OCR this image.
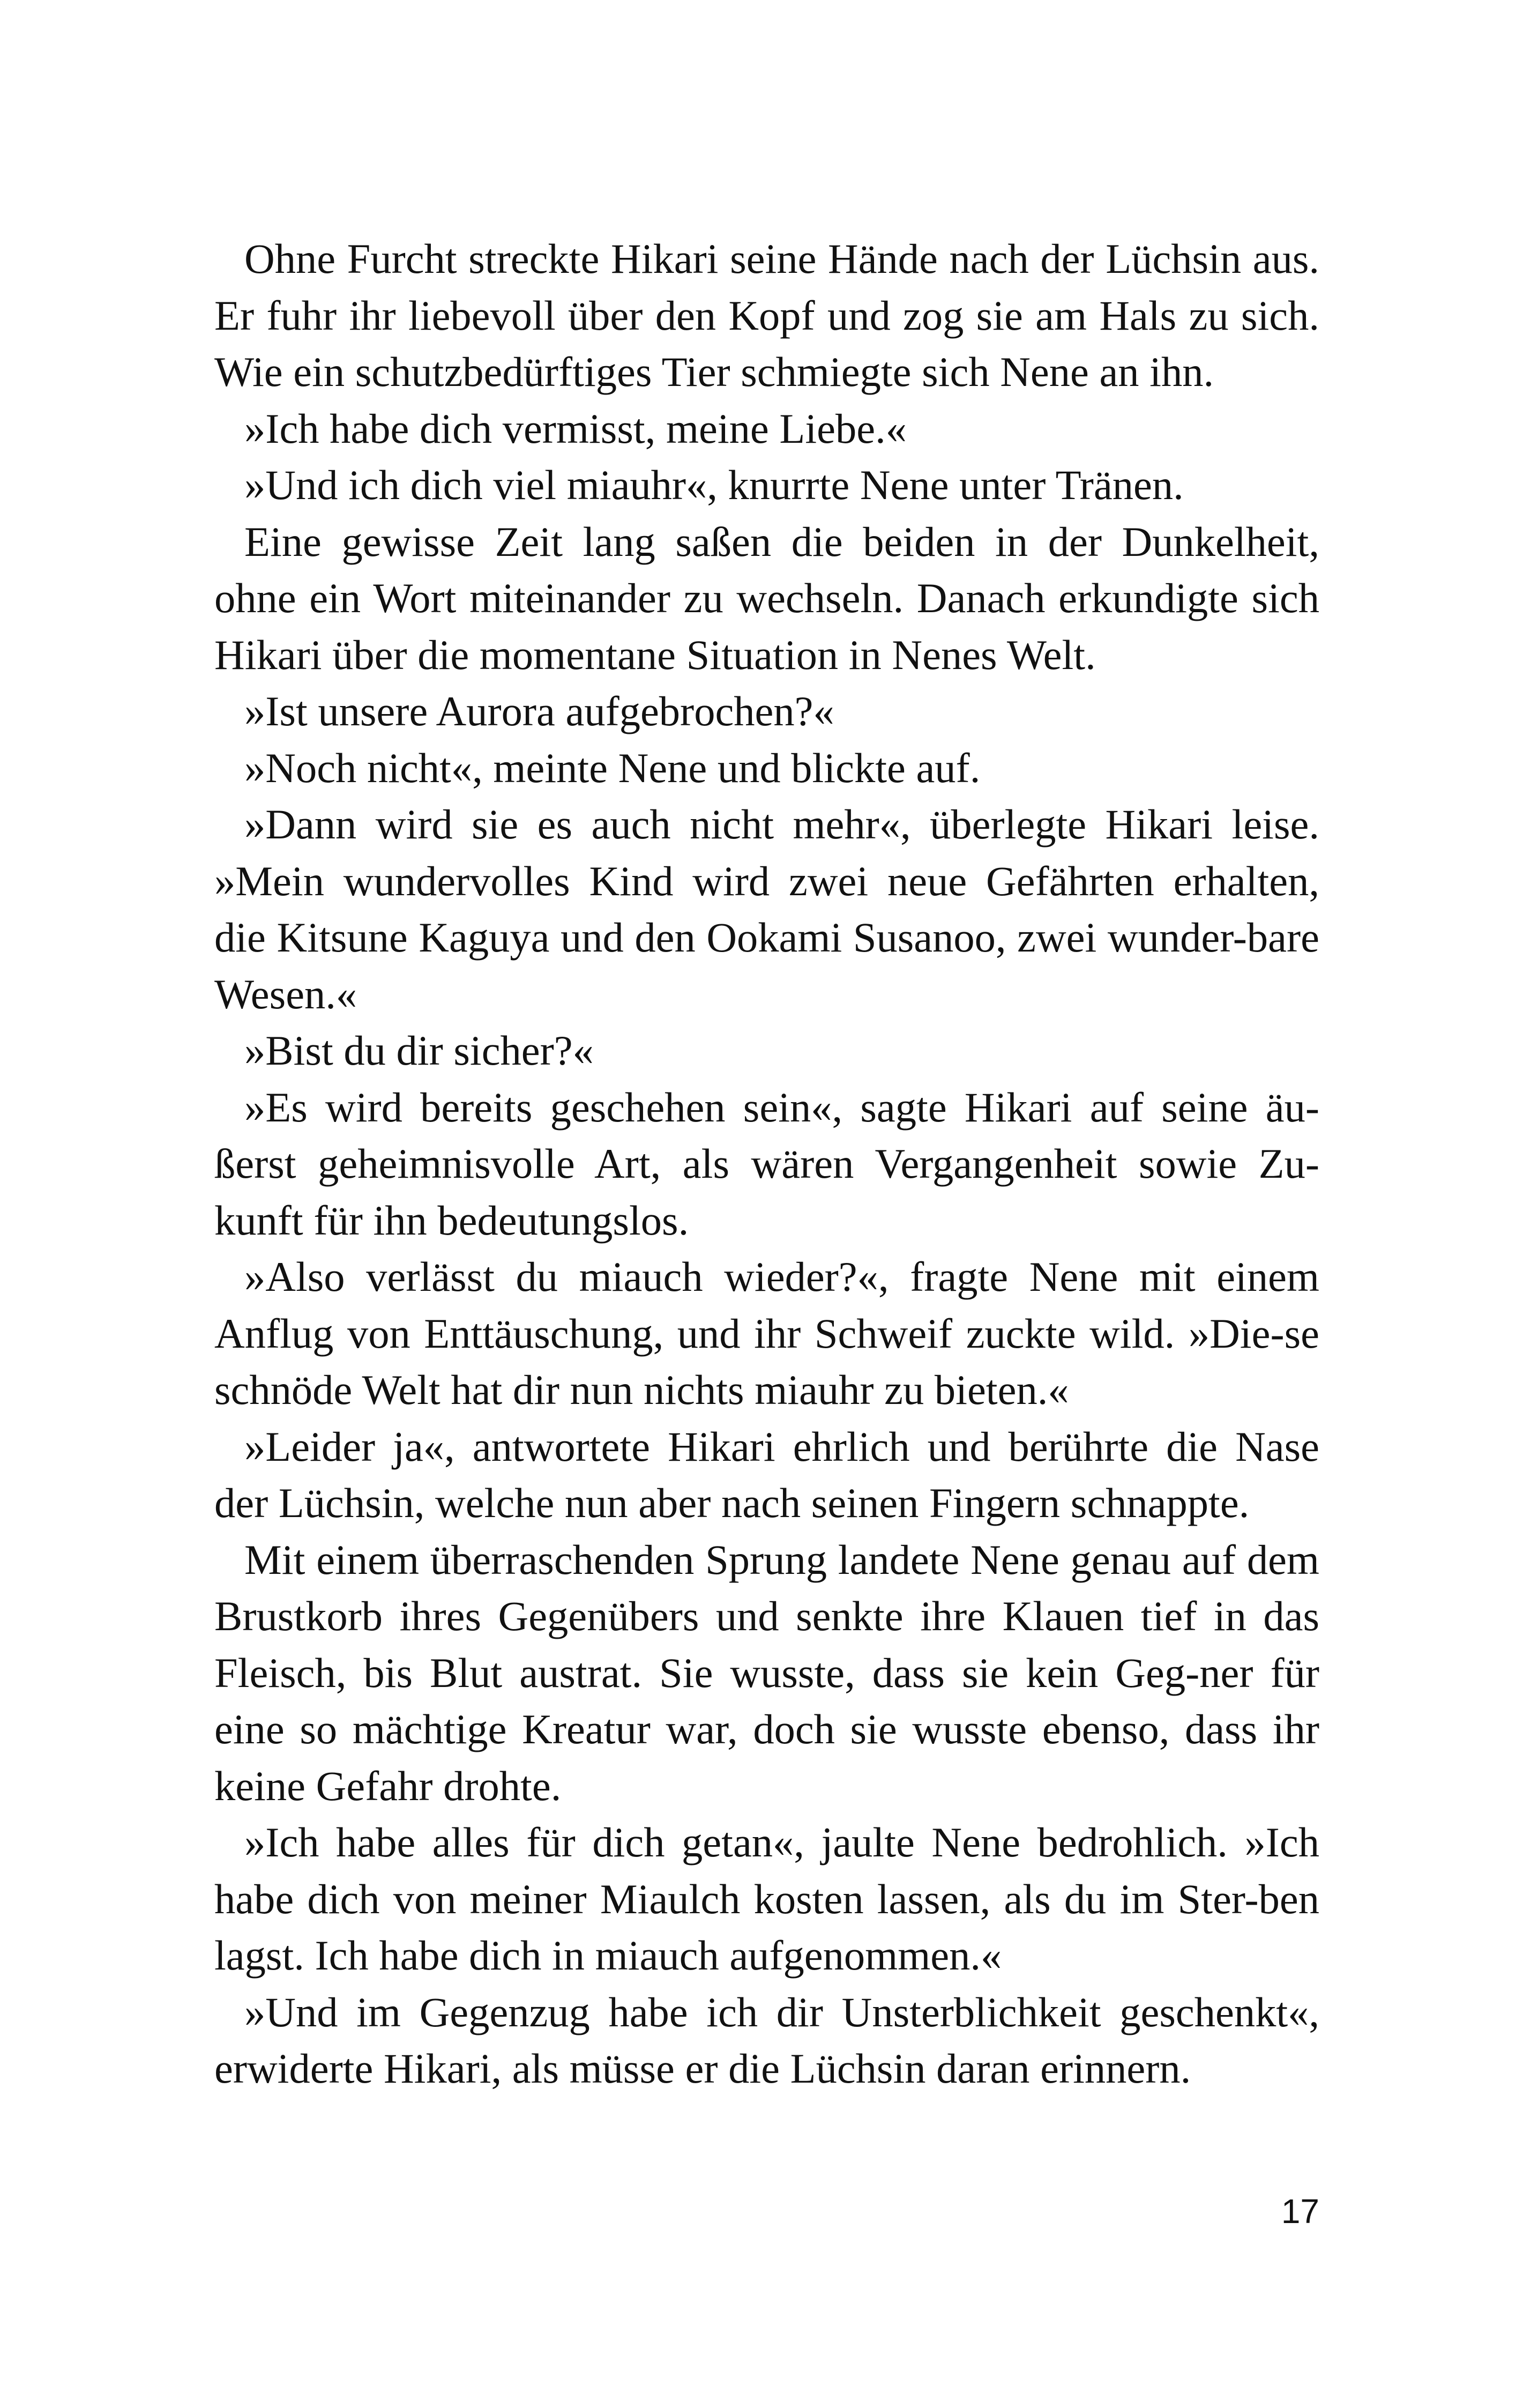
Ohne Furcht streckte Hikari seine Hände nach der Lüchsin aus. Er fuhr ihr liebevoll über den Kopf und zog sie am Hals zu sich. Wie ein schutzbedürftiges Tier schmiegte sich Nene an ihn.

»Ich habe dich vermisst, meine Liebe.«

»Und ich dich viel miauhr«, knurrte Nene unter Tränen.

Eine gewisse Zeit lang saßen die beiden in der Dunkelheit, ohne ein Wort miteinander zu wechseln. Danach erkundigte sich Hikari über die momentane Situation in Nenes Welt.

»Ist unsere Aurora aufgebrochen?«

»Noch nicht«, meinte Nene und blickte auf.

»Dann wird sie es auch nicht mehr«, überlegte Hikari leise. »Mein wundervolles Kind wird zwei neue Gefährten erhalten, die Kitsune Kaguya und den Ookami Susanoo, zwei wunder-bare Wesen.«

»Bist du dir sicher?«

»Es wird bereits geschehen sein«, sagte Hikari auf seine äu-ßerst geheimnisvolle Art, als wären Vergangenheit sowie Zu-kunft für ihn bedeutungslos.

»Also verlässt du miauch wieder?«, fragte Nene mit einem Anflug von Enttäuschung, und ihr Schweif zuckte wild. »Die-se schnöde Welt hat dir nun nichts miauhr zu bieten.«

»Leider ja«, antwortete Hikari ehrlich und berührte die Nase der Lüchsin, welche nun aber nach seinen Fingern schnappte.

Mit einem überraschenden Sprung landete Nene genau auf dem Brustkorb ihres Gegenübers und senkte ihre Klauen tief in das Fleisch, bis Blut austrat. Sie wusste, dass sie kein Geg-ner für eine so mächtige Kreatur war, doch sie wusste ebenso, dass ihr keine Gefahr drohte.

»Ich habe alles für dich getan«, jaulte Nene bedrohlich. »Ich habe dich von meiner Miaulch kosten lassen, als du im Ster-ben lagst. Ich habe dich in miauch aufgenommen.«

»Und im Gegenzug habe ich dir Unsterblichkeit geschenkt«, erwiderte Hikari, als müsse er die Lüchsin daran erinnern.

17
